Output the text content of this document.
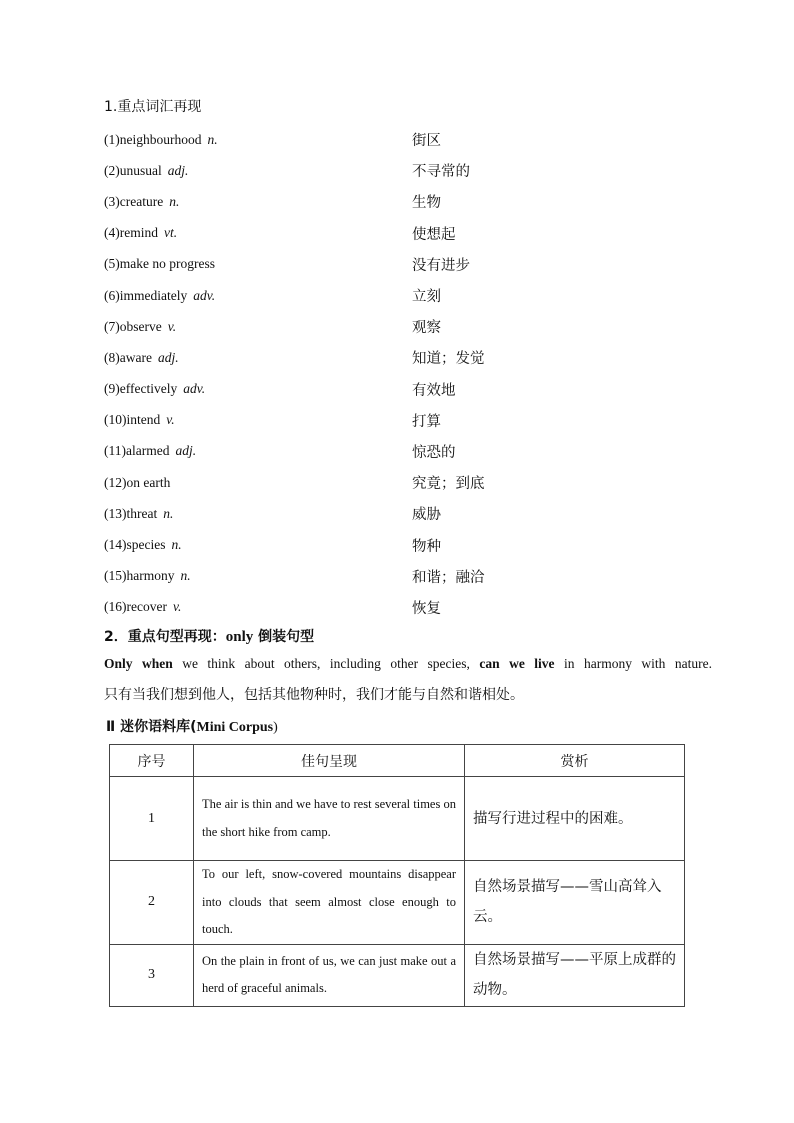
1.重点词汇再现
(1)neighbourhood n.	街区
(2)unusual adj.	不寻常的
(3)creature n.	生物
(4)remind vt.	使想起
(5)make no progress	没有进步
(6)immediately adv.	立刻
(7)observe v.	观察
(8)aware adj.	知道；发觉
(9)effectively adv.	有效地
(10)intend v.	打算
(11)alarmed adj.	惊恐的
(12)on earth	究竟；到底
(13)threat n.	威胁
(14)species n.	物种
(15)harmony n.	和谐；融洽
(16)recover v.	恢复
2．重点句型再现：only 倒装句型
Only when we think about others, including other species, can we live in harmony with nature.
只有当我们想到他人，包括其他物种时，我们才能与自然和谐相处。
Ⅱ 迷你语料库(Mini Corpus)
序号	佳句呈现	赏析
1	The air is thin and we have to rest several times on the short hike from camp.	描写行进过程中的困难。
2	To our left, snow-covered mountains disappear into clouds that seem almost close enough to touch.	自然场景描写——雪山高耸入云。
3	On the plain in front of us, we can just make out a herd of graceful animals.	自然场景描写——平原上成群的动物。
